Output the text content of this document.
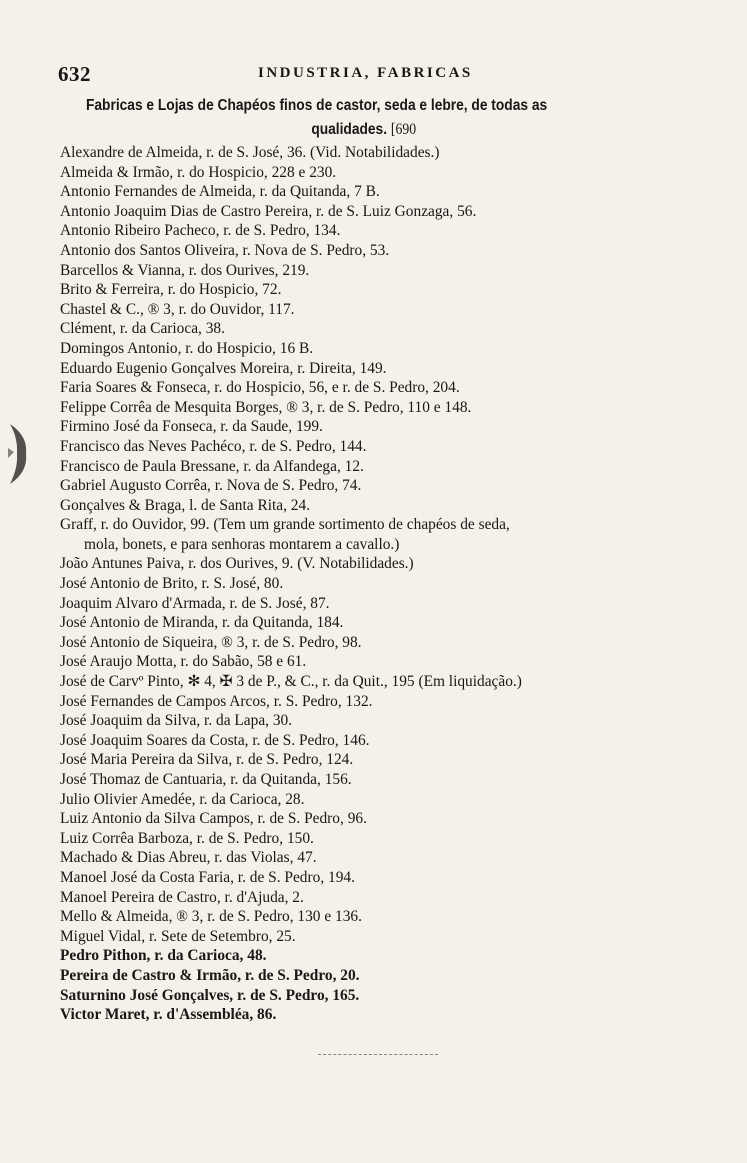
632	INDUSTRIA, FABRICAS
Fabricas e Lojas de Chapéos finos de castor, seda e lebre, de todas as
qualidades. [690
Alexandre de Almeida, r. de S. José, 36. (Vid. Notabilidades.)
Almeida & Irmão, r. do Hospicio, 228 e 230.
Antonio Fernandes de Almeida, r. da Quitanda, 7 B.
Antonio Joaquim Dias de Castro Pereira, r. de S. Luiz Gonzaga, 56.
Antonio Ribeiro Pacheco, r. de S. Pedro, 134.
Antonio dos Santos Oliveira, r. Nova de S. Pedro, 53.
Barcellos & Vianna, r. dos Ourives, 219.
Brito & Ferreira, r. do Hospicio, 72.
Chastel & C., ® 3, r. do Ouvidor, 117.
Clément, r. da Carioca, 38.
Domingos Antonio, r. do Hospicio, 16 B.
Eduardo Eugenio Gonçalves Moreira, r. Direita, 149.
Faria Soares & Fonseca, r. do Hospicio, 56, e r. de S. Pedro, 204.
Felippe Corrêa de Mesquita Borges, ® 3, r. de S. Pedro, 110 e 148.
Firmino José da Fonseca, r. da Saude, 199.
Francisco das Neves Pachéco, r. de S. Pedro, 144.
Francisco de Paula Bressane, r. da Alfandega, 12.
Gabriel Augusto Corrêa, r. Nova de S. Pedro, 74.
Gonçalves & Braga, l. de Santa Rita, 24.
Graff, r. do Ouvidor, 99. (Tem um grande sortimento de chapéos de seda,
mola, bonets, e para senhoras montarem a cavallo.)
João Antunes Paiva, r. dos Ourives, 9. (V. Notabilidades.)
José Antonio de Brito, r. S. José, 80.
Joaquim Alvaro d'Armada, r. de S. José, 87.
José Antonio de Miranda, r. da Quitanda, 184.
José Antonio de Siqueira, ® 3, r. de S. Pedro, 98.
José Araujo Motta, r. do Sabão, 58 e 61.
José de Carvº Pinto, ✻ 4, ✠ 3 de P., & C., r. da Quit., 195 (Em liquidação.)
José Fernandes de Campos Arcos, r. S. Pedro, 132.
José Joaquim da Silva, r. da Lapa, 30.
José Joaquim Soares da Costa, r. de S. Pedro, 146.
José Maria Pereira da Silva, r. de S. Pedro, 124.
José Thomaz de Cantuaria, r. da Quitanda, 156.
Julio Olivier Amedée, r. da Carioca, 28.
Luiz Antonio da Silva Campos, r. de S. Pedro, 96.
Luiz Corrêa Barboza, r. de S. Pedro, 150.
Machado & Dias Abreu, r. das Violas, 47.
Manoel José da Costa Faria, r. de S. Pedro, 194.
Manoel Pereira de Castro, r. d'Ajuda, 2.
Mello & Almeida, ® 3, r. de S. Pedro, 130 e 136.
Miguel Vidal, r. Sete de Setembro, 25.
Pedro Pithon, r. da Carioca, 48.
Pereira de Castro & Irmão, r. de S. Pedro, 20.
Saturnino José Gonçalves, r. de S. Pedro, 165.
Victor Maret, r. d'Assembléa, 86.
